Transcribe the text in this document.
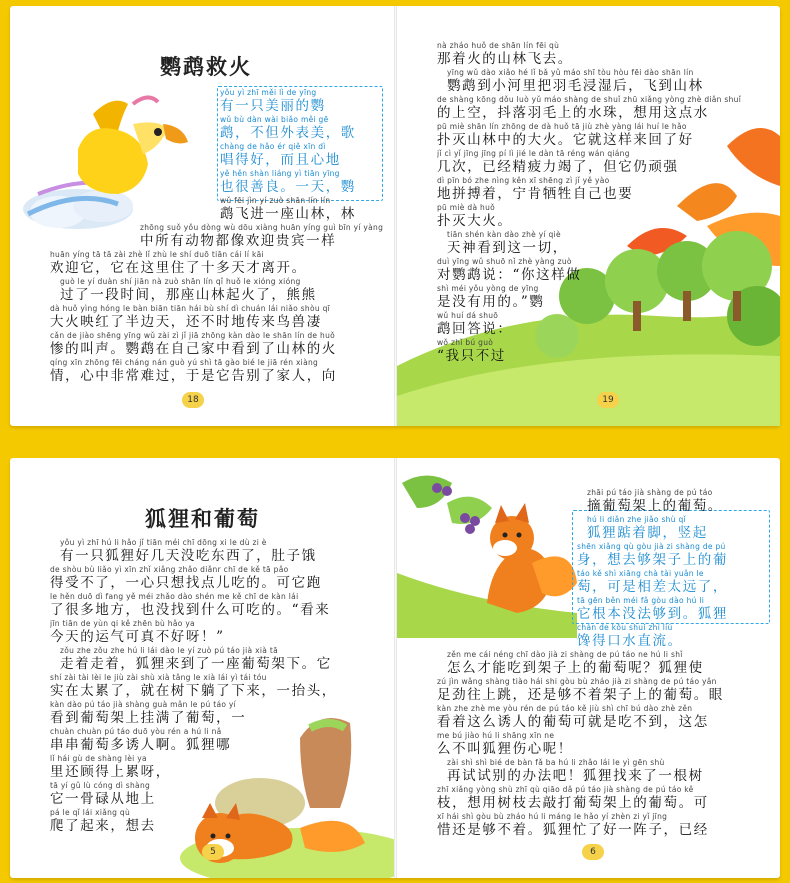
鹦鹉救火
yǒu yì zhī měi lì de yīng
有一只美丽的鹦
wǔ bù dàn wài biǎo měi gē
鹉，不但外表美，歌
chàng de hǎo ér qiě xīn dì
唱得好，而且心地
yě hěn shàn liáng yì tiān yīng
也很善良。一天，鹦
wǔ fēi jìn yí zuò shān lín lín
鹉飞进一座山林，林
zhōng suǒ yǒu dòng wù dōu xiàng huān yíng guì bīn yí yàng
中所有动物都像欢迎贵宾一样
huān yíng tā tā zài zhè lǐ zhù le shí duō tiān cái lí kāi
欢迎它，它在这里住了十多天才离开。
guò le yí duàn shí jiān nà zuò shān lín qǐ huǒ le xióng xióng
过了一段时间，那座山林起火了，熊熊
dà huǒ yìng hóng le bàn biān tiān hái bù shí dì chuán lái niǎo shòu qī
大火映红了半边天，还不时地传来鸟兽凄
cǎn de jiào shēng yīng wǔ zài zì jǐ jiā zhōng kàn dào le shān lín de huǒ
惨的叫声。鹦鹉在自己家中看到了山林的火
qíng xīn zhōng fēi cháng nán guò yú shì tā gào bié le jiā rén xiàng
情，心中非常难过，于是它告别了家人，向
18
nà zháo huǒ de shān lín fēi qù
那着火的山林飞去。
yīng wǔ dào xiǎo hé lǐ bǎ yǔ máo shī tòu hòu fēi dào shān lín
鹦鹉到小河里把羽毛浸湿后，飞到山林
de shàng kōng dǒu luò yǔ máo shàng de shuǐ zhū xiǎng yòng zhè diǎn shuǐ
的上空，抖落羽毛上的水珠，想用这点水
pū miè shān lín zhōng de dà huǒ tā jiù zhè yàng lái huí le hǎo
扑灭山林中的大火。它就这样来回了好
jǐ cì yǐ jīng jīng pí lì jié le dàn tā réng wán qiáng
几次，已经精疲力竭了，但它仍顽强
dì pīn bó zhe nìng kěn xī shēng zì jǐ yě yào
地拼搏着，宁肯牺牲自己也要
pū miè dà huǒ
扑灭大火。
tiān shén kàn dào zhè yí qiè
天神看到这一切，
duì yīng wǔ shuō nǐ zhè yàng zuò
对鹦鹉说：“你这样做
shì méi yǒu yòng de yīng
是没有用的。”鹦
wǔ huí dá shuō
鹉回答说：
wǒ zhǐ bú guò
“我只不过
19
狐狸和葡萄
yǒu yì zhī hú li hǎo jǐ tiān méi chī dōng xi le dù zi è
有一只狐狸好几天没吃东西了，肚子饿
de shòu bù liǎo yì xīn zhǐ xiǎng zhǎo diǎnr chī de kě tā pǎo
得受不了，一心只想找点儿吃的。可它跑
le hěn duō dì fang yě méi zhǎo dào shén me kě chī de kàn lái
了很多地方，也没找到什么可吃的。“看来
jīn tiān de yùn qi kě zhēn bù hǎo ya
今天的运气可真不好呀！”
zǒu zhe zǒu zhe hú li lái dào le yí zuò pú táo jià xià tā
走着走着，狐狸来到了一座葡萄架下。它
shí zài tài lèi le jiù zài shù xià tǎng le xià lái yì tái tóu
实在太累了，就在树下躺了下来，一抬头，
kàn dào pú táo jià shàng guà mǎn le pú táo yí
看到葡萄架上挂满了葡萄，一
chuàn chuàn pú táo duō yòu rén a hú li nǎ
串串葡萄多诱人啊。狐狸哪
lǐ hái gù de shàng lèi ya
里还顾得上累呀，
tā yí gǔ lù cóng dì shàng
它一骨碌从地上
pá le qǐ lái xiǎng qù
爬了起来，想去
5
zhāi pú táo jià shàng de pú táo
摘葡萄架上的葡萄。
hú li diǎn zhe jiǎo shù qǐ
狐狸踮着脚，竖起
shēn xiǎng qù gòu jià zi shàng de pú
身，想去够架子上的葡
táo kě shì xiāng chà tài yuǎn le
萄，可是相差太远了，
tā gēn běn méi fǎ gòu dào hú li
它根本没法够到。狐狸
chán de kǒu shuǐ zhí liú
馋得口水直流。
zěn me cái néng chī dào jià zi shàng de pú táo ne hú li shǐ
怎么才能吃到架子上的葡萄呢？狐狸使
zú jìn wǎng shàng tiào hái shi gòu bù zháo jià zi shàng de pú táo yǎn
足劲往上跳，还是够不着架子上的葡萄。眼
kàn zhe zhè me yòu rén de pú táo kě jiù shì chī bú dào zhè zěn
看着这么诱人的葡萄可就是吃不到，这怎
me bú jiào hú li shāng xīn ne
么不叫狐狸伤心呢！
zài shì shì bié de bàn fǎ ba hú li zhǎo lái le yì gēn shù
再试试别的办法吧！狐狸找来了一根树
zhī xiǎng yòng shù zhī qù qiāo dǎ pú táo jià shàng de pú táo kě
枝，想用树枝去敲打葡萄架上的葡萄。可
xī hái shì gòu bù zháo hú li máng le hǎo yí zhèn zi yǐ jīng
惜还是够不着。狐狸忙了好一阵子，已经
6
